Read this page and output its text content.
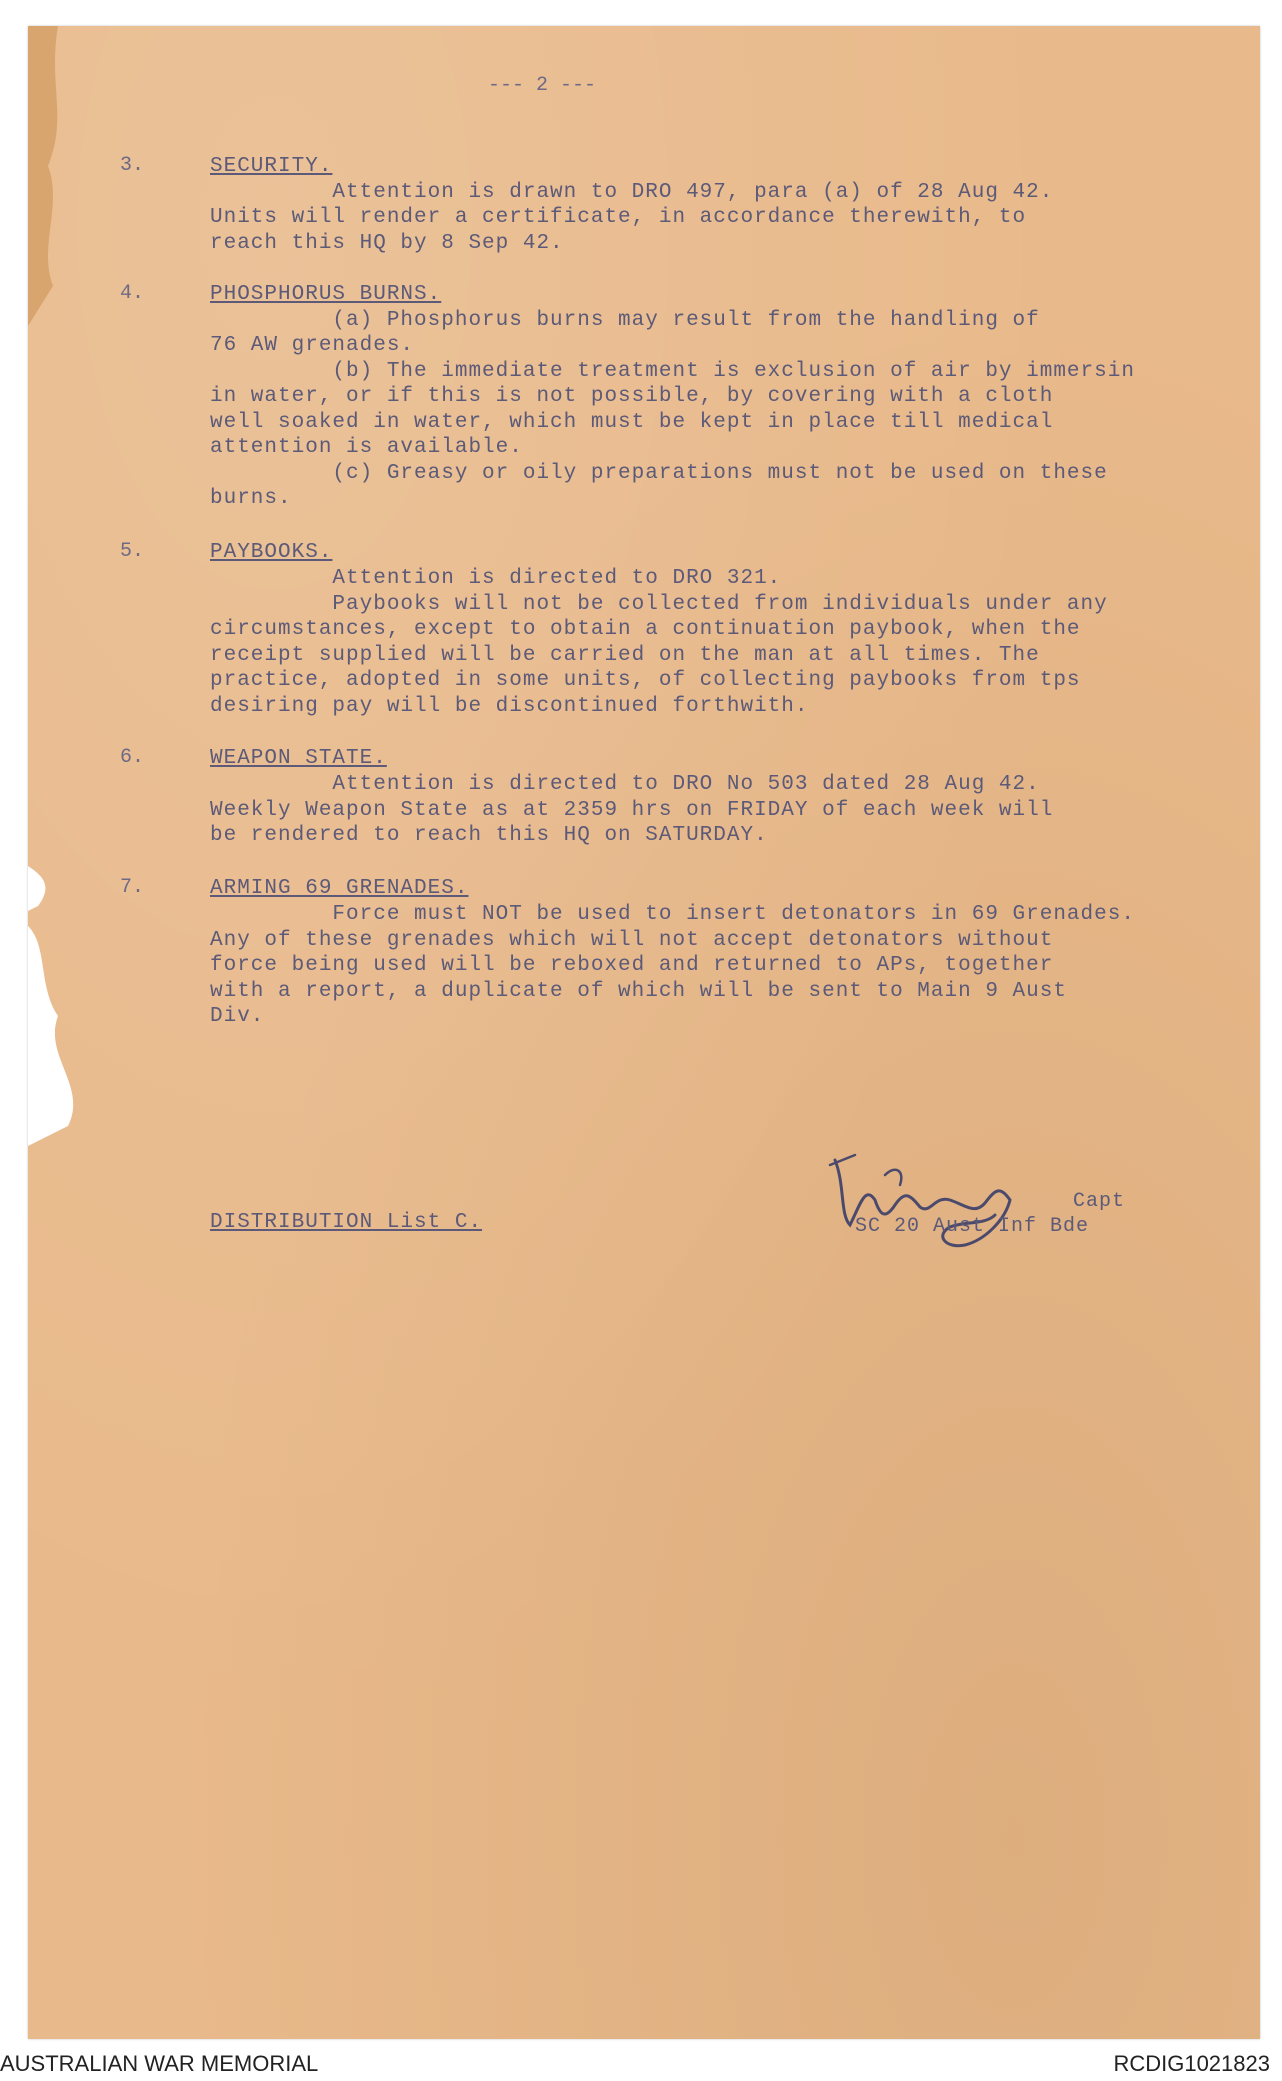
--- 2 ---
3.	SECURITY.
Attention is drawn to DRO 497, para (a) of 28 Aug 42.
Units will render a certificate, in accordance therewith, to
reach this HQ by 8 Sep 42.
4.	PHOSPHORUS BURNS.
(a) Phosphorus burns may result from the handling of
76 AW grenades.
(b) The immediate treatment is exclusion of air by immersin
in water, or if this is not possible, by covering with a cloth
well soaked in water, which must be kept in place till medical
attention is available.
(c) Greasy or oily preparations must not be used on these
burns.
5.	PAYBOOKS.
Attention is directed to DRO 321.
Paybooks will not be collected from individuals under any
circumstances, except to obtain a continuation paybook, when the
receipt supplied will be carried on the man at all times. The
practice, adopted in some units, of collecting paybooks from tps
desiring pay will be discontinued forthwith.
6.	WEAPON STATE.
Attention is directed to DRO No 503 dated 28 Aug 42.
Weekly Weapon State as at 2359 hrs on FRIDAY of each week will
be rendered to reach this HQ on SATURDAY.
7.	ARMING 69 GRENADES.
Force must NOT be used to insert detonators in 69 Grenades.
Any of these grenades which will not accept detonators without
force being used will be reboxed and returned to APs, together
with a report, a duplicate of which will be sent to Main 9 Aust
Div.
DISTRIBUTION List C.
Capt
SC 20 Aust Inf Bde
AUSTRALIAN WAR MEMORIAL	RCDIG1021823
